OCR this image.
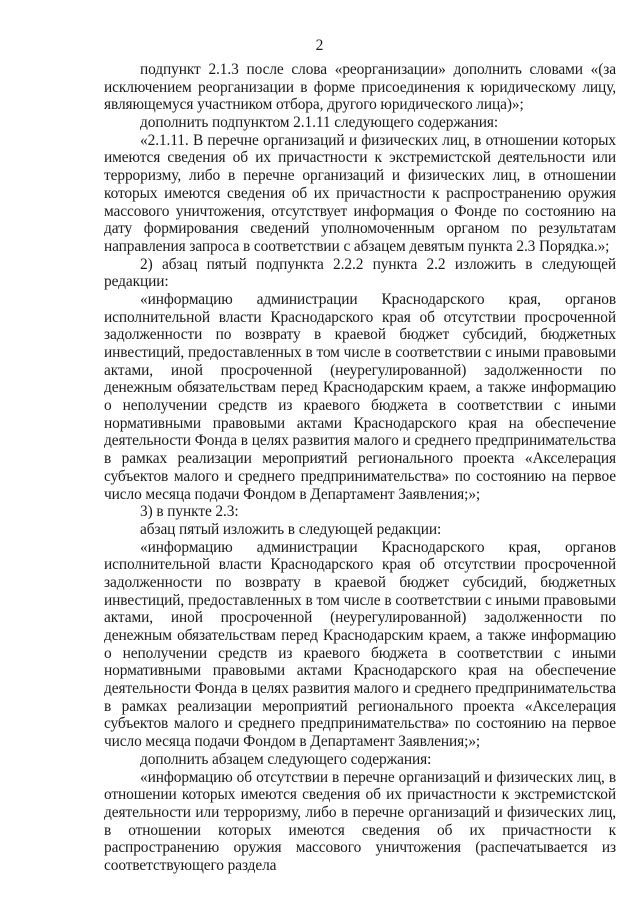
2

подпункт 2.1.3 после слова «реорганизации» дополнить словами «(за исключением реорганизации в форме присоединения к юридическому лицу, являющемуся участником отбора, другого юридического лица)»;

дополнить подпунктом 2.1.11 следующего содержания:

«2.1.11. В перечне организаций и физических лиц, в отношении которых имеются сведения об их причастности к экстремистской деятельности или терроризму, либо в перечне организаций и физических лиц, в отношении которых имеются сведения об их причастности к распространению оружия массового уничтожения, отсутствует информация о Фонде по состоянию на дату формирования сведений уполномоченным органом по результатам направления запроса в соответствии с абзацем девятым пункта 2.3 Порядка.»;

2) абзац пятый подпункта 2.2.2 пункта 2.2 изложить в следующей редакции:

«информацию администрации Краснодарского края, органов исполнительной власти Краснодарского края об отсутствии просроченной задолженности по возврату в краевой бюджет субсидий, бюджетных инвестиций, предоставленных в том числе в соответствии с иными правовыми актами, иной просроченной (неурегулированной) задолженности по денежным обязательствам перед Краснодарским краем, а также информацию о неполучении средств из краевого бюджета в соответствии с иными нормативными правовыми актами Краснодарского края на обеспечение деятельности Фонда в целях развития малого и среднего предпринимательства в рамках реализации мероприятий регионального проекта «Акселерация субъектов малого и среднего предпринимательства» по состоянию на первое число месяца подачи Фондом в Департамент Заявления;»;

3) в пункте 2.3:

абзац пятый изложить в следующей редакции:

«информацию администрации Краснодарского края, органов исполнительной власти Краснодарского края об отсутствии просроченной задолженности по возврату в краевой бюджет субсидий, бюджетных инвестиций, предоставленных в том числе в соответствии с иными правовыми актами, иной просроченной (неурегулированной) задолженности по денежным обязательствам перед Краснодарским краем, а также информацию о неполучении средств из краевого бюджета в соответствии с иными нормативными правовыми актами Краснодарского края на обеспечение деятельности Фонда в целях развития малого и среднего предпринимательства в рамках реализации мероприятий регионального проекта «Акселерация субъектов малого и среднего предпринимательства» по состоянию на первое число месяца подачи Фондом в Департамент Заявления;»;

дополнить абзацем следующего содержания:

«информацию об отсутствии в перечне организаций и физических лиц, в отношении которых имеются сведения об их причастности к экстремистской деятельности или терроризму, либо в перечне организаций и физических лиц, в отношении которых имеются сведения об их причастности к распространению оружия массового уничтожения (распечатывается из соответствующего раздела
